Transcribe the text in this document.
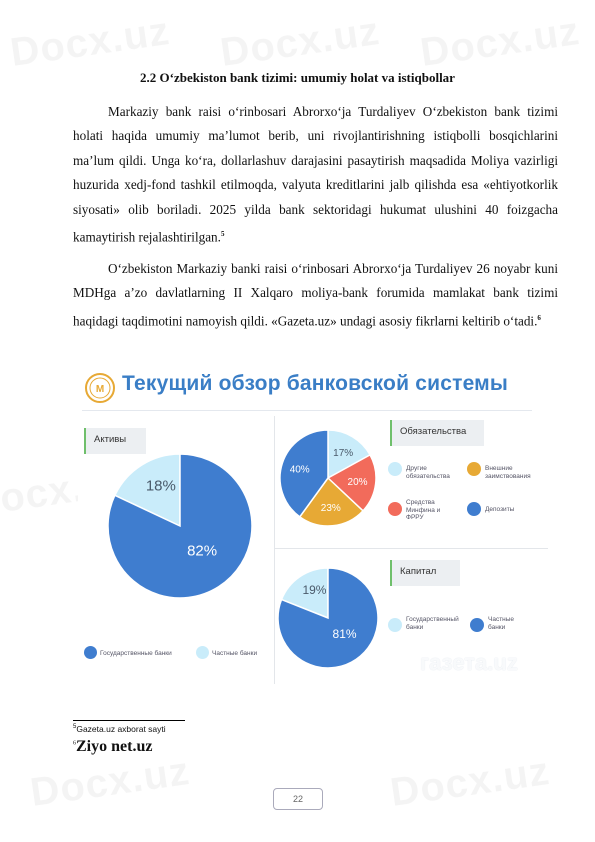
2.2 O‘zbekiston bank tizimi: umumiy holat va istiqbollar

Markaziy bank raisi o‘rinbosari Abrorxo‘ja Turdaliyev O‘zbekiston bank tizimi holati haqida umumiy ma’lumot berib, uni rivojlantirishning istiqbolli bosqichlarini ma’lum qildi. Unga ko‘ra, dollarlashuv darajasini pasaytirish maqsadida Moliya vazirligi huzurida xedj-fond tashkil etilmoqda, valyuta kreditlarini jalb qilishda esa «ehtiyotkorlik siyosati» olib boriladi. 2025 yilda bank sektoridagi hukumat ulushini 40 foizgacha kamaytirish rejalashtirilgan.$^5$

O‘zbekiston Markaziy banki raisi o‘rinbosari Abrorxo‘ja Turdaliyev 26 noyabr kuni MDHga a’zo davlatlarning II Xalqaro moliya-bank forumida mamlakat bank tizimi haqidagi taqdimotini namoyish qildi. «Gazeta.uz» undagi asosiy fikrlarni keltirib o‘tadi.$^6$

M Текущий обзор банковской системы
Активы
Обязательства
Капитал
18%
82%
17%
20%
23%
40%
19%
81%
Государственные банки	Частные банки
Другие обязательства
Внешние заимствования
Средства Минфина и ФРРУ
Депозиты
Государственный банки
Частные банки
газета.uz
$^5$Gazeta.uz axborat sayti
$^6$Ziyo net.uz
22
